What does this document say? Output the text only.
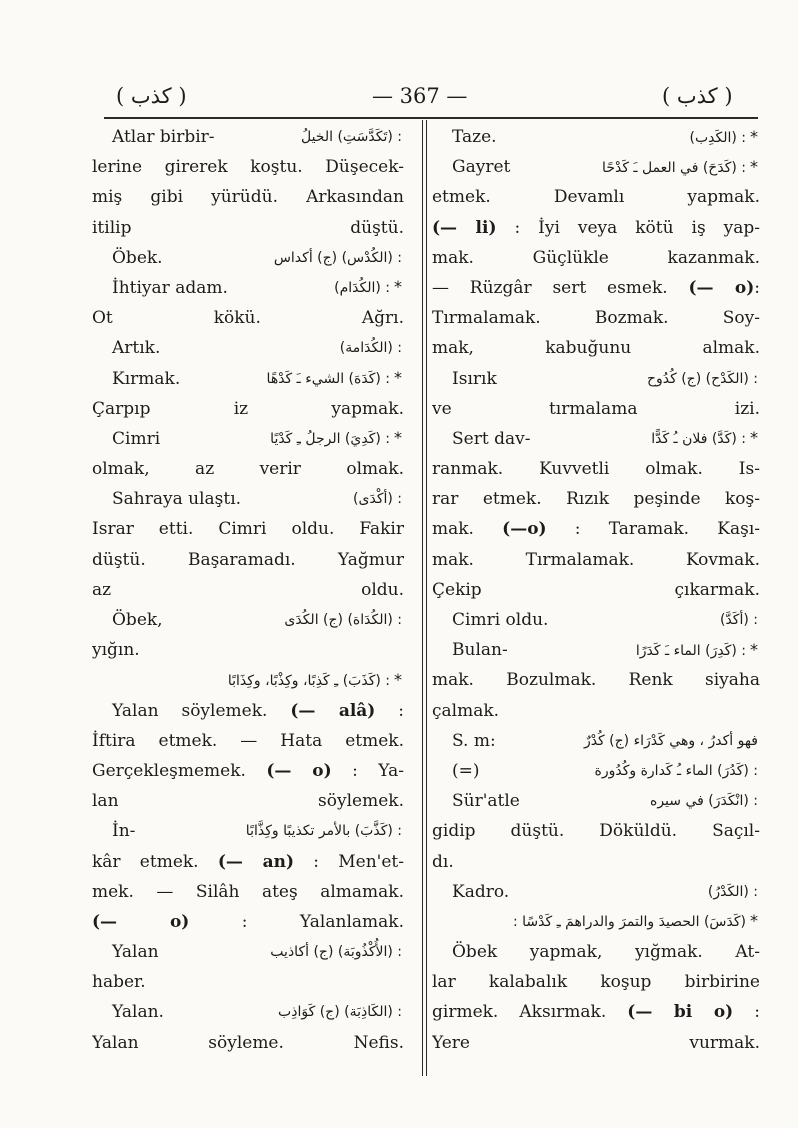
( كذب )	— 367 —	( كذب )
Atlar birbir-	: (تَكَدَّسَتِ) الخيلُ
lerine girerek koştu. Düşecek-
miş gibi yürüdü. Arkasından
itilip düştü.
Öbek.	: (الكُدْس) (ج) أكداس
İhtiyar adam.	*: (الكُدَام)
Ot kökü. Ağrı.
Artık.	: (الكُدَامة)
Kırmak.	*: (كَدَهَ) الشيء ـَ كَدْهًا
Çarpıp iz yapmak.
Cimri	*: (كَدِيَ) الرجلُ ـِ كَدْيًا
olmak, az verir olmak.
Sahraya ulaştı.	: (أكْدَى)
Israr etti. Cimri oldu. Fakir
düştü. Başaramadı. Yağmur
az oldu.
Öbek,	: (الكُدَاة) (ج) الكُدَى
yığın.
*: (كَذَبَ) ـِ كَذِبًا، وكِذْبًا، وكِذَابًا
Yalan söylemek. (— alâ) :
İftira etmek. — Hata etmek.
Gerçekleşmemek. (— o) : Ya-
lan söylemek.
İn-	: (كَذَّبَ) بالأمر تكذيبًا وكِذَّابًا
kâr etmek. (— an) : Men'et-
mek. — Silâh ateş almamak.
(— o) : Yalanlamak.
Yalan	: (الأُكْذُوبَة) (ج) أكاذيب
haber.
Yalan.	: (الكَاذِبَة) (ج) كَوَاذِب
Yalan söyleme. Nefis.
Taze.	*: (الكَدِب)
Gayret	*: (كَدَحَ) في العمل ـَ كَدْحًا
etmek. Devamlı yapmak.
(— li) : İyi veya kötü iş yap-
mak. Güçlükle kazanmak.
— Rüzgâr sert esmek. (— o):
Tırmalamak. Bozmak. Soy-
mak, kabuğunu almak.
Isırık	: (الكَدْح) (ج) كُدُوح
ve tırmalama izi.
Sert dav-	*: (كَدَّ) فلان ـُ كَدًّا
ranmak. Kuvvetli olmak. Is-
rar etmek. Rızık peşinde koş-
mak. (—o) : Taramak. Kaşı-
mak. Tırmalamak. Kovmak.
Çekip çıkarmak.
Cimri oldu.	: (أكَدَّ)
Bulan-	*: (كَدِرَ) الماء ـَ كَدَرًا
mak. Bozulmak. Renk siyaha
çalmak.
S. m:	فهو أكدرُ ، وهي كَدْرَاء (ج) كُدْرٌ
(=)	: (كَدُرَ) الماء ـُ كَدارة وكُدُورة
Sür'atle	: (انْكَدَرَ) في سيره
gidip düştü. Döküldü. Saçıl-
dı.
Kadro.	: (الكَدْرُ)
*(كَدَسَ) الحصيدَ والتمرَ والدراهمَ ـِ كَدْسًا :
Öbek yapmak, yığmak. At-
lar kalabalık koşup birbirine
girmek. Aksırmak. (— bi o) :
Yere vurmak.
